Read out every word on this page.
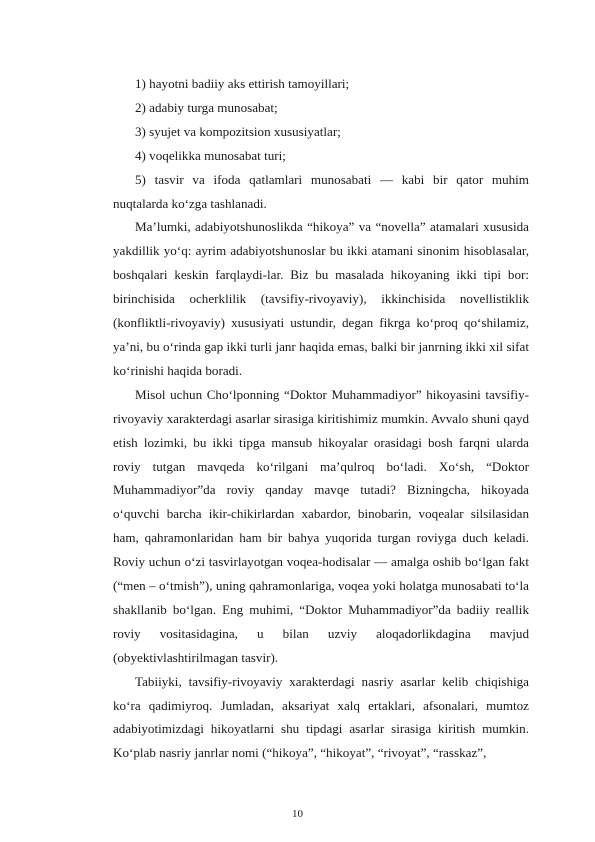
1) hayotni badiiy aks ettirish tamoyillari;

2) adabiy turga munosabat;

3) syujet va kompozitsion xususiyatlar;

4) voqelikka munosabat turi;

5) tasvir va ifoda qatlamlari munosabati — kabi bir qator muhim nuqtalarda ko‘zga tashlanadi.

Ma’lumki, adabiyotshunoslikda “hikoya” va “novella” atamalari xususida yakdillik yo‘q: ayrim adabiyotshunoslar bu ikki atamani sinonim hisoblasalar, boshqalari keskin farqlaydi-lar. Biz bu masalada hikoyaning ikki tipi bor: birinchisida ocherklilik (tavsifiy-rivoyaviy), ikkinchisida novellistiklik (konfliktli-rivoyaviy) xususiyati ustundir, degan fikrga ko‘proq qo‘shilamiz, ya’ni, bu o‘rinda gap ikki turli janr haqida emas, balki bir janrning ikki xil sifat ko‘rinishi haqida boradi.

Misol uchun Cho‘lponning “Doktor Muhammadiyor” hikoyasini tavsifiy-rivoyaviy xarakterdagi asarlar sirasiga kiritishimiz mumkin. Avvalo shuni qayd etish lozimki, bu ikki tipga mansub hikoyalar orasidagi bosh farqni ularda roviy tutgan mavqeda ko‘rilgani ma’qulroq bo‘ladi. Xo‘sh, “Doktor Muhammadiyor”da roviy qanday mavqe tutadi? Bizningcha, hikoyada o‘quvchi barcha ikir-chikirlardan xabardor, binobarin, voqealar silsilasidan ham, qahramonlaridan ham bir bahya yuqorida turgan roviyga duch keladi. Roviy uchun o‘zi tasvirlayotgan voqea-hodisalar — amalga oshib bo‘lgan fakt (“men – o‘tmish”), uning qahramonlariga, voqea yoki holatga munosabati to‘la shakllanib bo‘lgan. Eng muhimi, “Doktor Muhammadiyor”da badiiy reallik roviy vositasidagina, u bilan uzviy aloqadorlikdagina mavjud (obyektivlashtirilmagan tasvir).

Tabiiyki, tavsifiy-rivoyaviy xarakterdagi nasriy asarlar kelib chiqishiga ko‘ra qadimiyroq. Jumladan, aksariyat xalq ertaklari, afsonalari, mumtoz adabiyotimizdagi hikoyatlarni shu tipdagi asarlar sirasiga kiritish mumkin. Ko‘plab nasriy janrlar nomi (“hikoya”, “hikoyat”, “rivoyat”, “rasskaz”,

10
